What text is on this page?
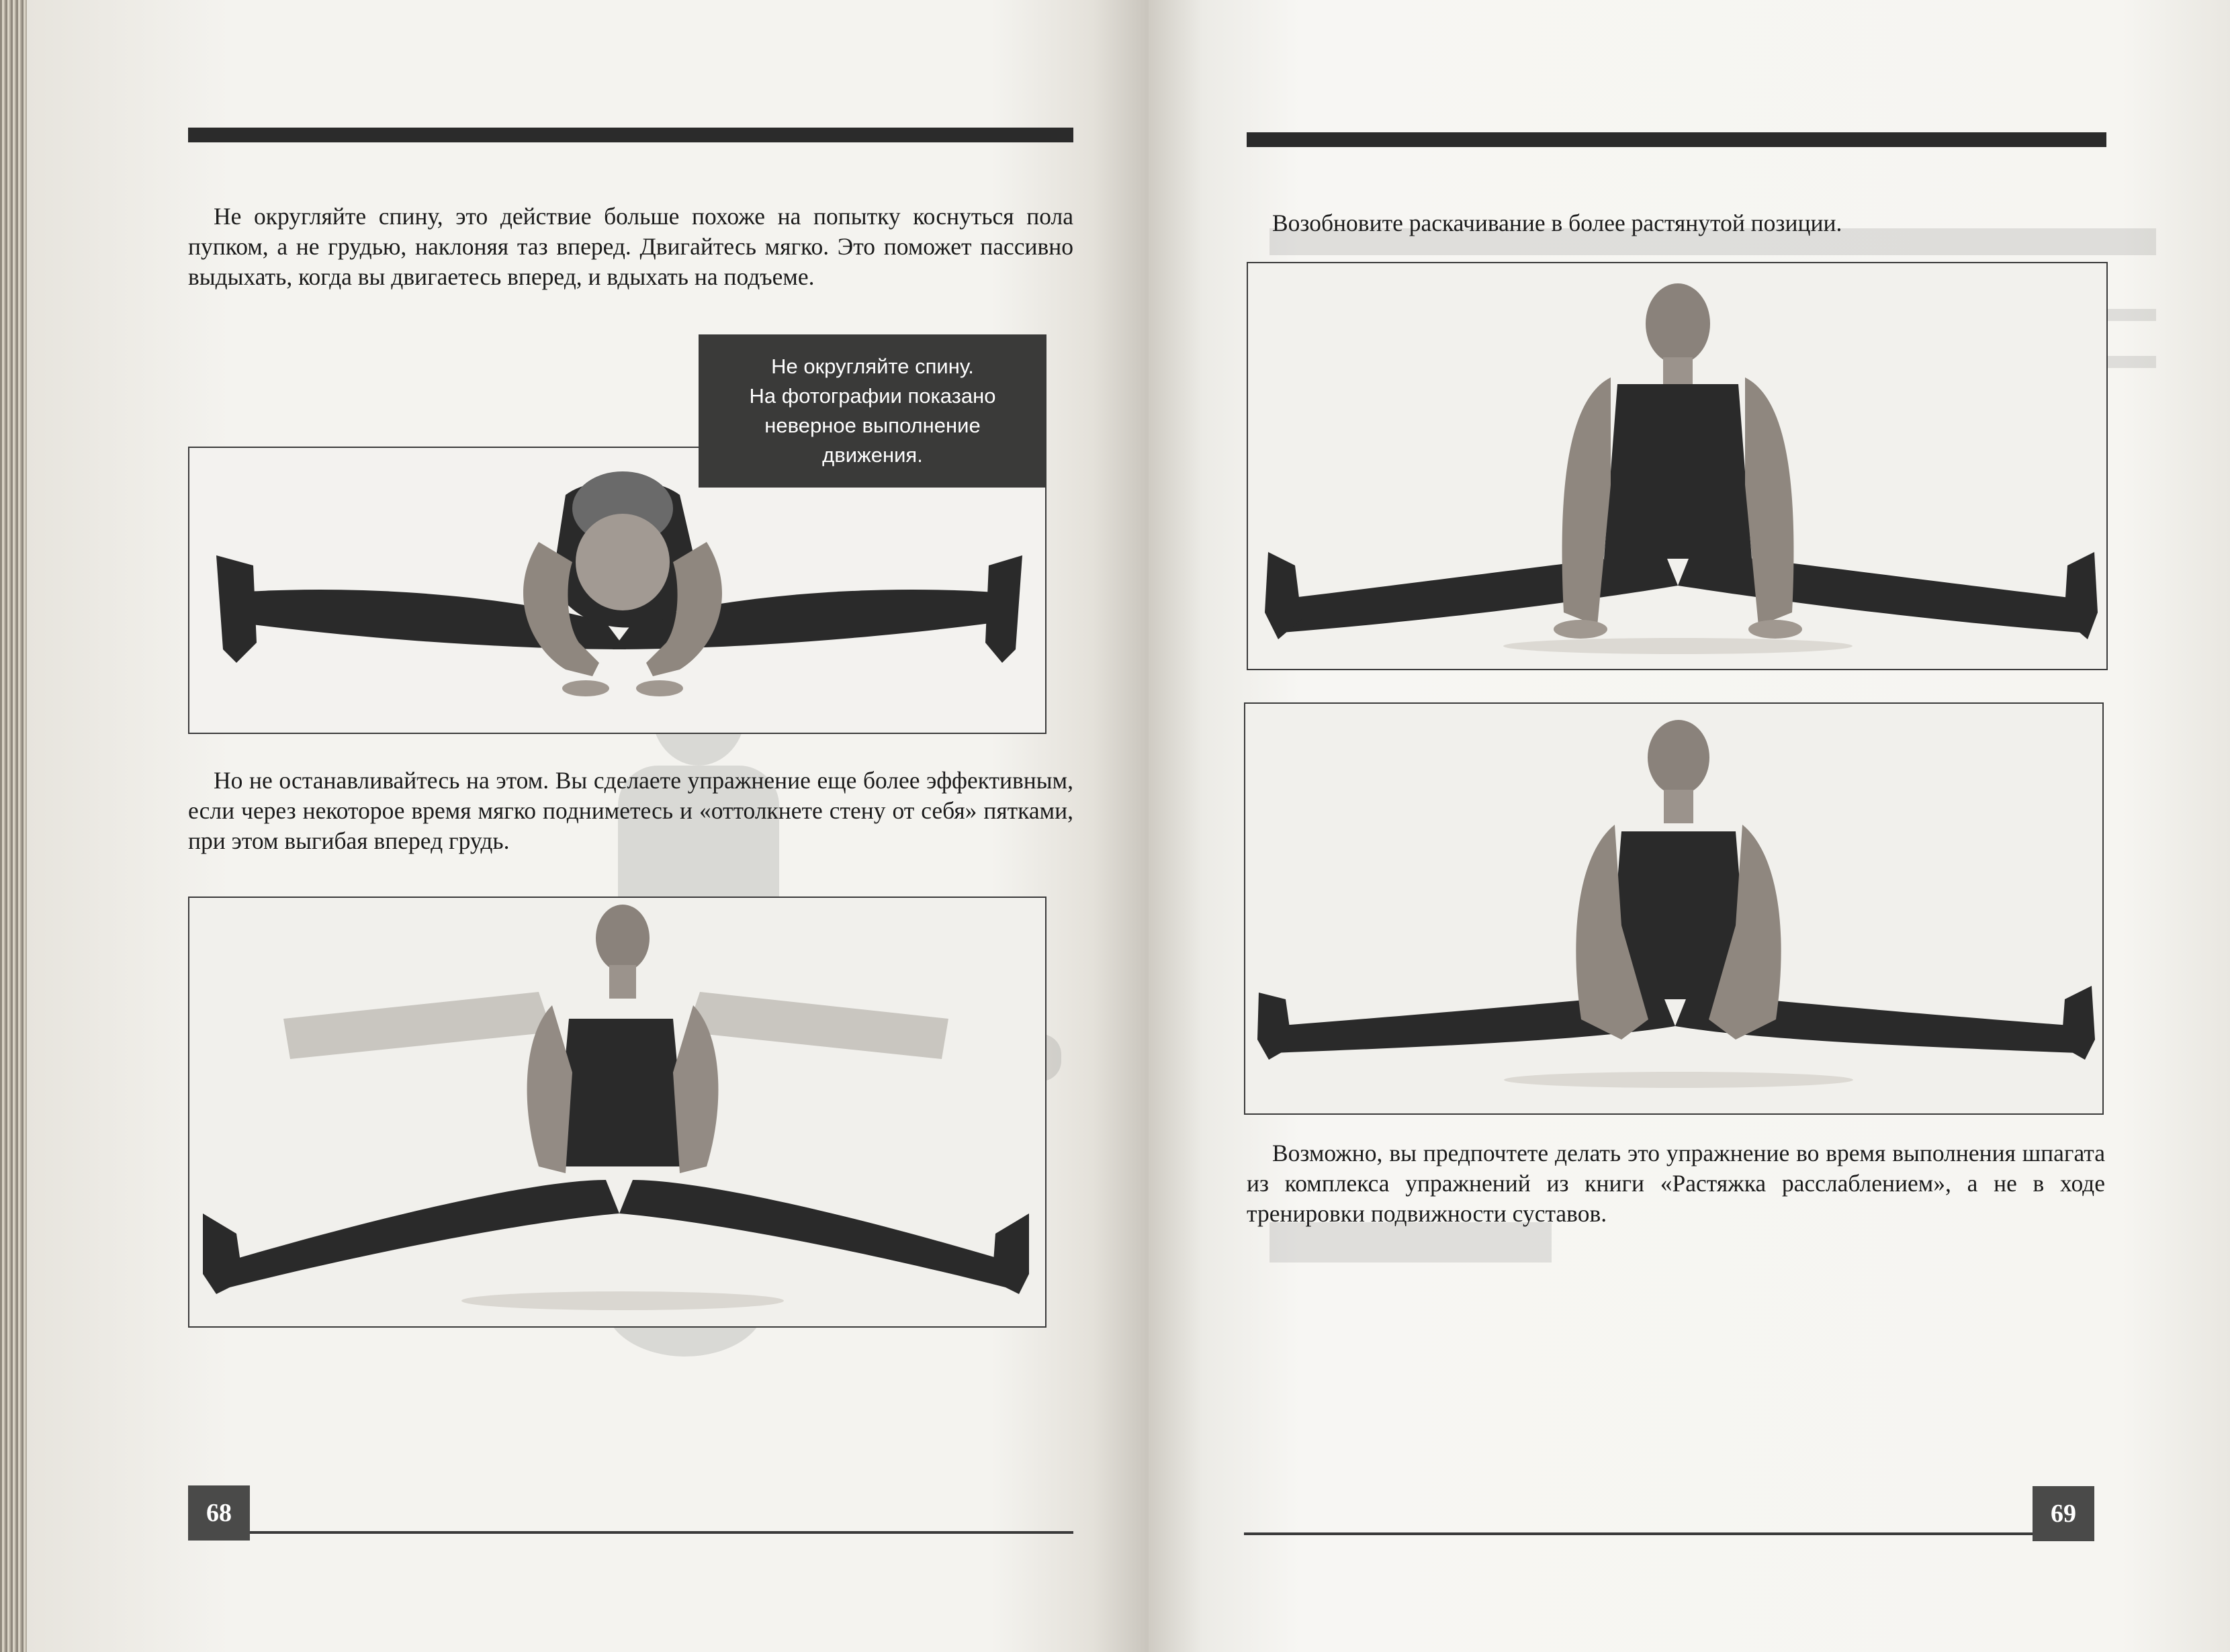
Не округляйте спину, это действие больше похоже на попытку коснуться пола пупком, а не грудью, наклоняя таз вперед. Двигайтесь мягко. Это поможет пассивно выдыхать, когда вы двигаетесь вперед, и вдыхать на подъеме.

Не округляйте спину.
На фотографии показано
неверное выполнение
движения.

Но не останавливайтесь на этом. Вы сделаете упражнение еще более эффективным, если через некоторое время мягко подниметесь и «оттолкнете стену от себя» пятками, при этом выгибая вперед грудь.

68

Возобновите раскачивание в более растянутой позиции.

Возможно, вы предпочтете делать это упражнение во время выполнения шпагата из комплекса упражнений из книги «Растяжка расслаблением», а не в ходе тренировки подвижности суставов.

69
